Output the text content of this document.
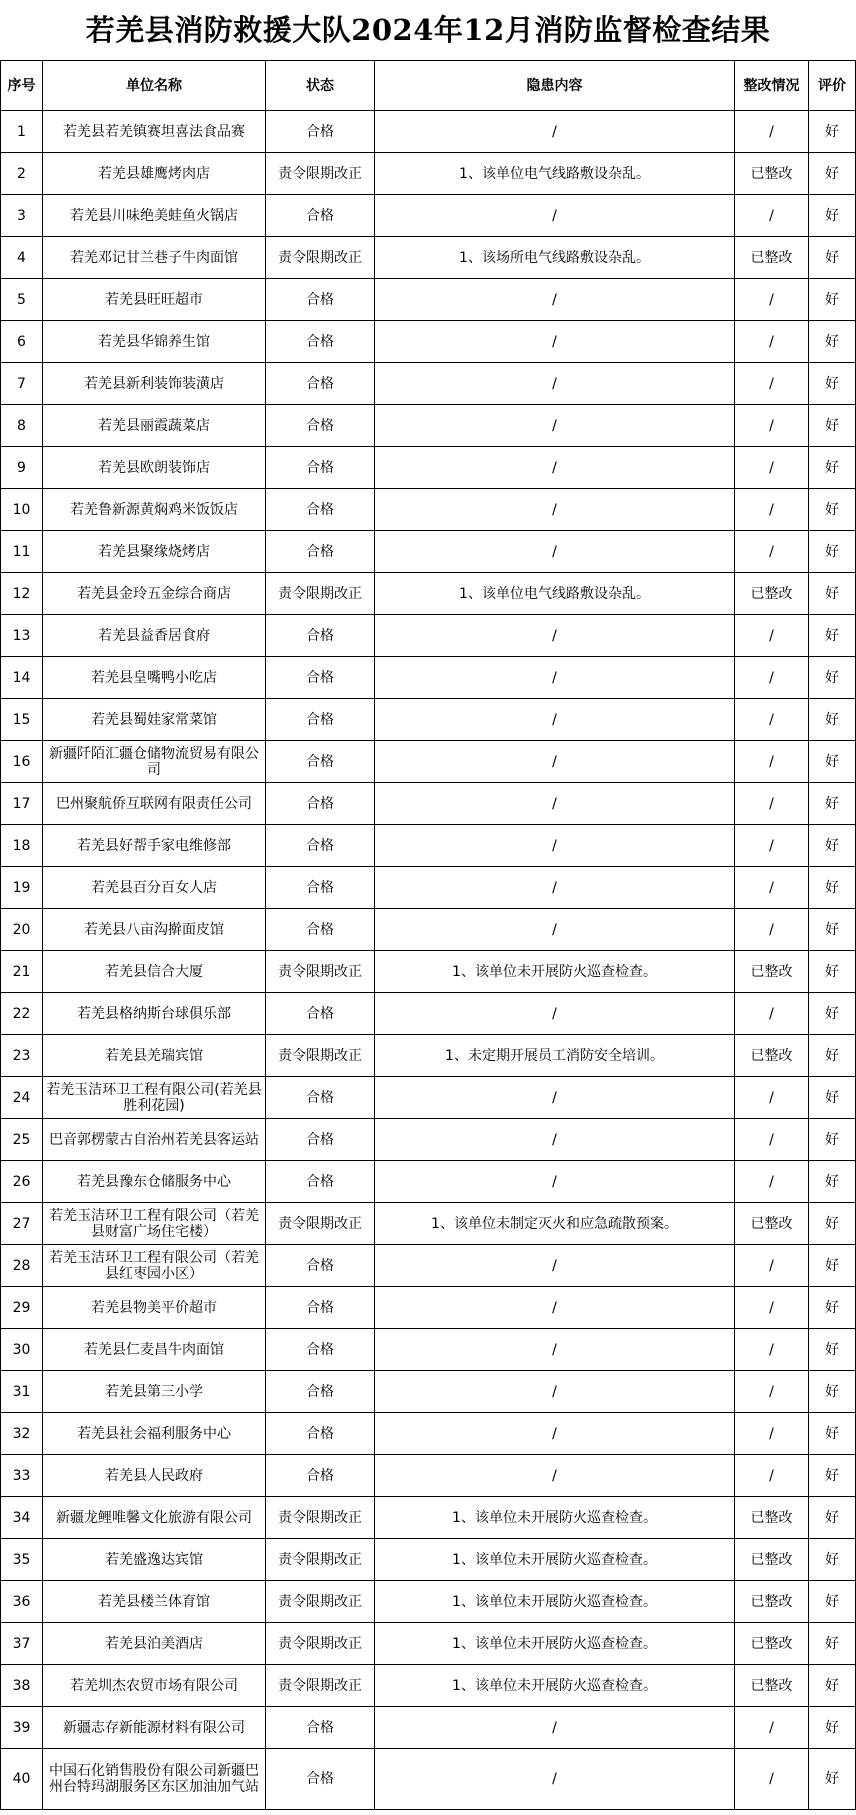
若羌县消防救援大队2024年12月消防监督检查结果
序号	单位名称	状态	隐患内容	整改情况	评价
1	若羌县若羌镇赛坦喜法食品赛	合格	/	/	好
2	若羌县雄鹰烤肉店	责令限期改正	1、该单位电气线路敷设杂乱。	已整改	好
3	若羌县川味绝美蛙鱼火锅店	合格	/	/	好
4	若羌邓记甘兰巷子牛肉面馆	责令限期改正	1、该场所电气线路敷设杂乱。	已整改	好
5	若羌县旺旺超市	合格	/	/	好
6	若羌县华锦养生馆	合格	/	/	好
7	若羌县新利装饰装潢店	合格	/	/	好
8	若羌县丽霞蔬菜店	合格	/	/	好
9	若羌县欧朗装饰店	合格	/	/	好
10	若羌鲁新源黄焖鸡米饭饭店	合格	/	/	好
11	若羌县聚缘烧烤店	合格	/	/	好
12	若羌县金玲五金综合商店	责令限期改正	1、该单位电气线路敷设杂乱。	已整改	好
13	若羌县益香居食府	合格	/	/	好
14	若羌县皇嘴鸭小吃店	合格	/	/	好
15	若羌县蜀娃家常菜馆	合格	/	/	好
16	新疆阡陌汇疆仓储物流贸易有限公司	合格	/	/	好
17	巴州聚航侨互联网有限责任公司	合格	/	/	好
18	若羌县好帮手家电维修部	合格	/	/	好
19	若羌县百分百女人店	合格	/	/	好
20	若羌县八亩沟擀面皮馆	合格	/	/	好
21	若羌县信合大厦	责令限期改正	1、该单位未开展防火巡查检查。	已整改	好
22	若羌县格纳斯台球俱乐部	合格	/	/	好
23	若羌县羌瑞宾馆	责令限期改正	1、未定期开展员工消防安全培训。	已整改	好
24	若羌玉洁环卫工程有限公司(若羌县胜利花园)	合格	/	/	好
25	巴音郭楞蒙古自治州若羌县客运站	合格	/	/	好
26	若羌县豫东仓储服务中心	合格	/	/	好
27	若羌玉洁环卫工程有限公司（若羌县财富广场住宅楼）	责令限期改正	1、该单位未制定灭火和应急疏散预案。	已整改	好
28	若羌玉洁环卫工程有限公司（若羌县红枣园小区）	合格	/	/	好
29	若羌县物美平价超市	合格	/	/	好
30	若羌县仁麦昌牛肉面馆	合格	/	/	好
31	若羌县第三小学	合格	/	/	好
32	若羌县社会福利服务中心	合格	/	/	好
33	若羌县人民政府	合格	/	/	好
34	新疆龙鲤唯馨文化旅游有限公司	责令限期改正	1、该单位未开展防火巡查检查。	已整改	好
35	若羌盛逸达宾馆	责令限期改正	1、该单位未开展防火巡查检查。	已整改	好
36	若羌县楼兰体育馆	责令限期改正	1、该单位未开展防火巡查检查。	已整改	好
37	若羌县泊美酒店	责令限期改正	1、该单位未开展防火巡查检查。	已整改	好
38	若羌圳杰农贸市场有限公司	责令限期改正	1、该单位未开展防火巡查检查。	已整改	好
39	新疆志存新能源材料有限公司	合格	/	/	好
40	中国石化销售股份有限公司新疆巴州台特玛湖服务区东区加油加气站	合格	/	/	好
